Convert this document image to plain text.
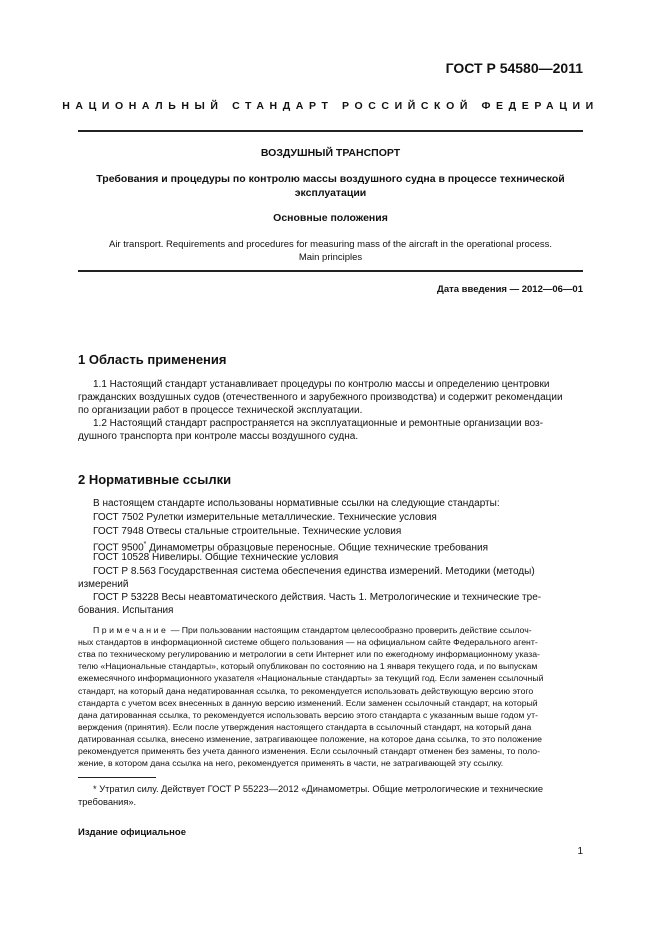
ГОСТ Р 54580—2011
НАЦИОНАЛЬНЫЙ СТАНДАРТ РОССИЙСКОЙ ФЕДЕРАЦИИ
ВОЗДУШНЫЙ ТРАНСПОРТ
Требования и процедуры по контролю массы воздушного судна в процессе технической
эксплуатации
Основные положения
Air transport. Requirements and procedures for measuring mass of the aircraft in the operational process.
Main principles
Дата введения — 2012—06—01
1 Область применения
1.1 Настоящий стандарт устанавливает процедуры по контролю массы и определению центровки
гражданских воздушных судов (отечественного и зарубежного производства) и содержит рекомендации
по организации работ в процессе технической эксплуатации.
1.2 Настоящий стандарт распространяется на эксплуатационные и ремонтные организации воз-
душного транспорта при контроле массы воздушного судна.
2 Нормативные ссылки
В настоящем стандарте использованы нормативные ссылки на следующие стандарты:
ГОСТ 7502 Рулетки измерительные металлические. Технические условия
ГОСТ 7948 Отвесы стальные строительные. Технические условия
ГОСТ 9500* Динамометры образцовые переносные. Общие технические требования
ГОСТ 10528 Нивелиры. Общие технические условия
ГОСТ Р 8.563 Государственная система обеспечения единства измерений. Методики (методы)
измерений
ГОСТ Р 53228 Весы неавтоматического действия. Часть 1. Метрологические и технические тре-
бования. Испытания
Примечание — При пользовании настоящим стандартом целесообразно проверить действие ссылоч-
ных стандартов в информационной системе общего пользования — на официальном сайте Федерального агент-
ства по техническому регулированию и метрологии в сети Интернет или по ежегодному информационному указа-
телю «Национальные стандарты», который опубликован по состоянию на 1 января текущего года, и по выпускам
ежемесячного информационного указателя «Национальные стандарты» за текущий год. Если заменен ссылочный
стандарт, на который дана недатированная ссылка, то рекомендуется использовать действующую версию этого
стандарта с учетом всех внесенных в данную версию изменений. Если заменен ссылочный стандарт, на который
дана датированная ссылка, то рекомендуется использовать версию этого стандарта с указанным выше годом ут-
верждения (принятия). Если после утверждения настоящего стандарта в ссылочный стандарт, на который дана
датированная ссылка, внесено изменение, затрагивающее положение, на которое дана ссылка, то это положение
рекомендуется применять без учета данного изменения. Если ссылочный стандарт отменен без замены, то поло-
жение, в котором дана ссылка на него, рекомендуется применять в части, не затрагивающей эту ссылку.
* Утратил силу. Действует ГОСТ Р 55223—2012 «Динамометры. Общие метрологические и технические
требования».
Издание официальное
1
